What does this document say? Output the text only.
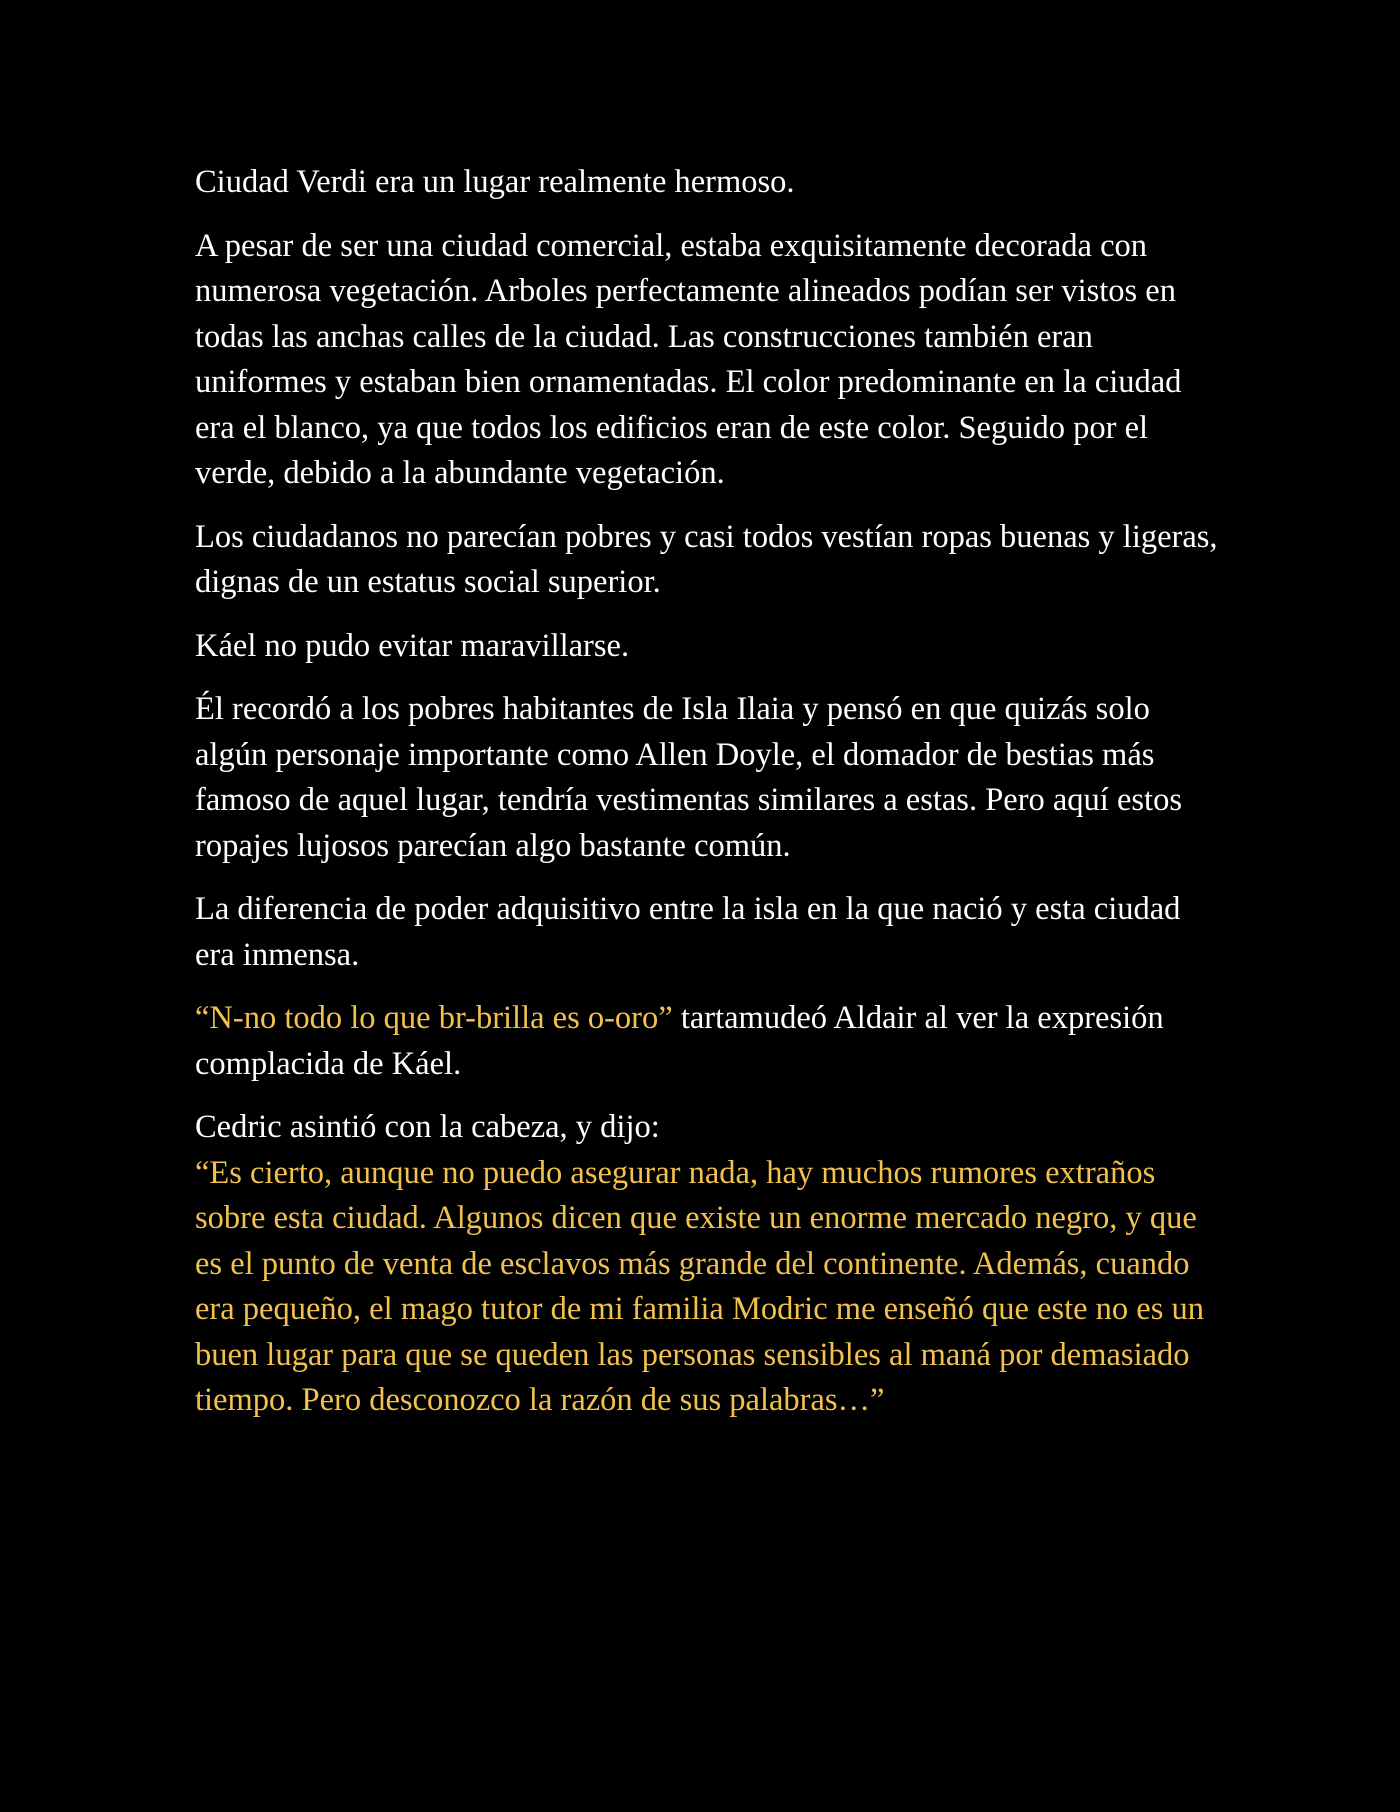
Ciudad Verdi era un lugar realmente hermoso.

A pesar de ser una ciudad comercial, estaba exquisitamente decorada con numerosa vegetación. Arboles perfectamente alineados podían ser vistos en todas las anchas calles de la ciudad. Las construcciones también eran uniformes y estaban bien ornamentadas. El color predominante en la ciudad era el blanco, ya que todos los edificios eran de este color. Seguido por el verde, debido a la abundante vegetación.

Los ciudadanos no parecían pobres y casi todos vestían ropas buenas y ligeras, dignas de un estatus social superior.

Káel no pudo evitar maravillarse.

Él recordó a los pobres habitantes de Isla Ilaia y pensó en que quizás solo algún personaje importante como Allen Doyle, el domador de bestias más famoso de aquel lugar, tendría vestimentas similares a estas. Pero aquí estos ropajes lujosos parecían algo bastante común.

La diferencia de poder adquisitivo entre la isla en la que nació y esta ciudad era inmensa.

“N-no todo lo que br-brilla es o-oro” tartamudeó Aldair al ver la expresión complacida de Káel.

Cedric asintió con la cabeza, y dijo:
“Es cierto, aunque no puedo asegurar nada, hay muchos rumores extraños sobre esta ciudad. Algunos dicen que existe un enorme mercado negro, y que es el punto de venta de esclavos más grande del continente. Además, cuando era pequeño, el mago tutor de mi familia Modric me enseñó que este no es un buen lugar para que se queden las personas sensibles al maná por demasiado tiempo. Pero desconozco la razón de sus palabras…”
